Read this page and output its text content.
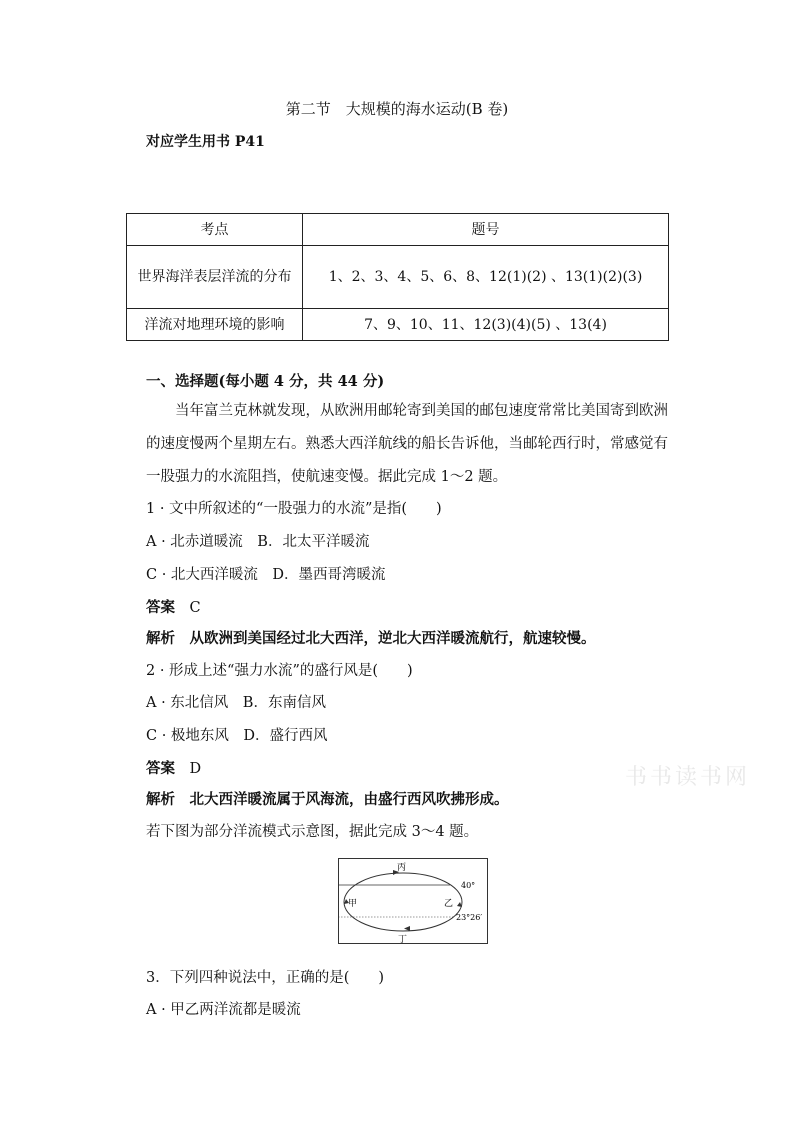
第二节　大规模的海水运动(B 卷)
对应学生用书 P41
考点	题号
世界海洋表层洋流的分布	1、2、3、4、5、6、8、12(1)(2) 、13(1)(2)(3)
洋流对地理环境的影响	7、9、10、11、12(3)(4)(5) 、13(4)
一、选择题(每小题 4 分，共 44 分)
当年富兰克林就发现，从欧洲用邮轮寄到美国的邮包速度常常比美国寄到欧洲的速度慢两个星期左右。熟悉大西洋航线的船长告诉他，当邮轮西行时，常感觉有一股强力的水流阻挡，使航速变慢。据此完成 1～2 题。
1 · 文中所叙述的“一股强力的水流”是指(　　)
A · 北赤道暖流　B．北太平洋暖流
C · 北大西洋暖流　D．墨西哥湾暖流
答案　 C
解析　 从欧洲到美国经过北大西洋，逆北大西洋暖流航行，航速较慢。
2 · 形成上述“强力水流”的盛行风是(　　)
A · 东北信风　B．东南信风
C · 极地东风　D．盛行西风
答案　 D
解析　 北大西洋暖流属于风海流，由盛行西风吹拂形成。
若下图为部分洋流模式示意图，据此完成 3～4 题。
丙
甲	乙
丁
40°
23°26′
3．下列四种说法中，正确的是(　　)
A · 甲乙两洋流都是暖流
书书读书网
